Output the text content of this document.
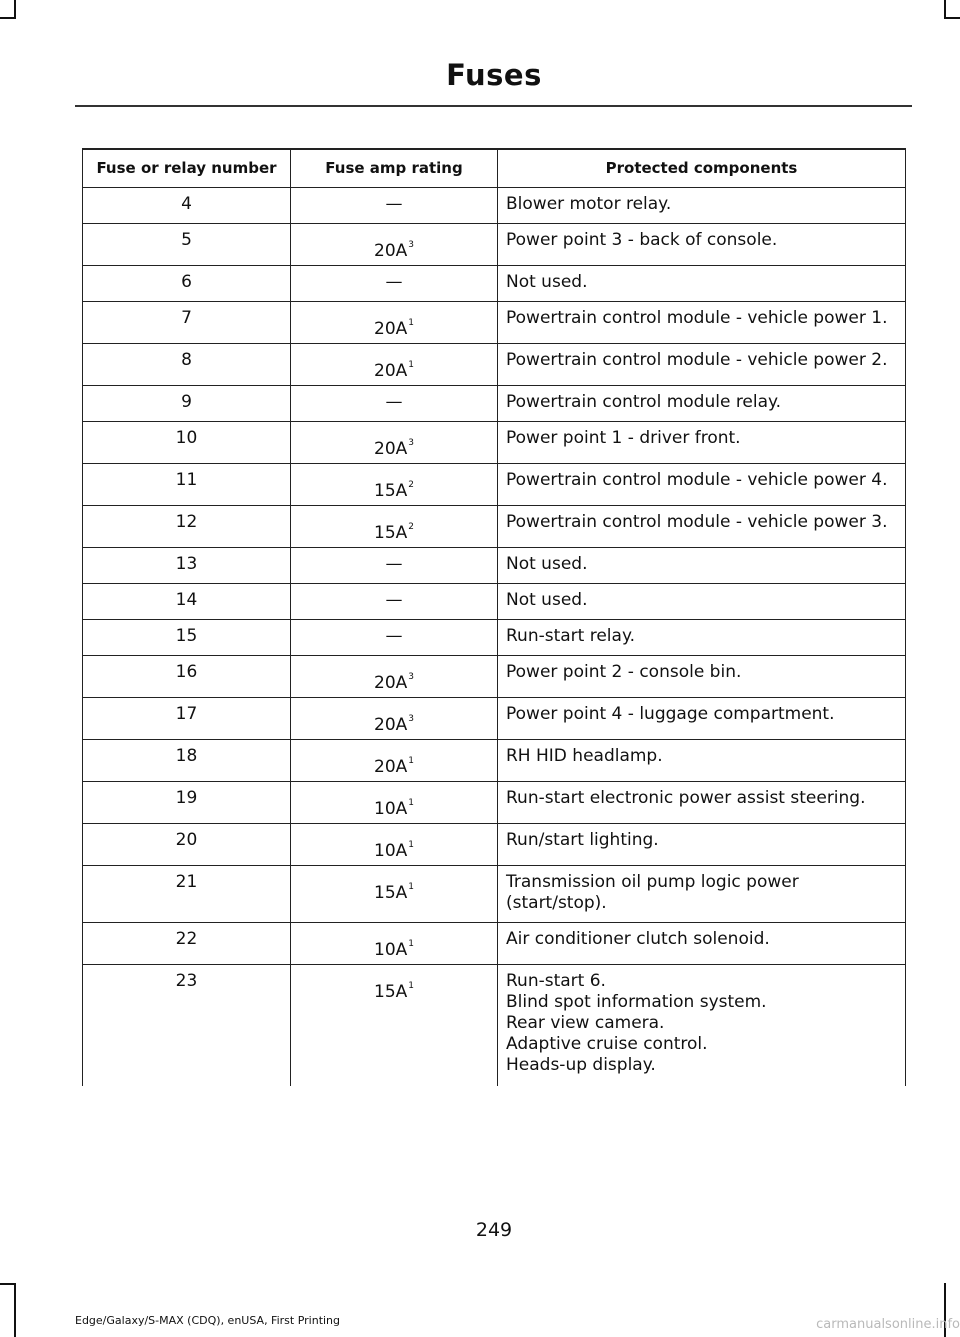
Fuses
Fuse or relay number	Fuse amp rating	Protected components
4	—	Blower motor relay.

5	20A$^3$	Power point 3 - back of console.

6	—	Not used.

7	20A$^1$	Powertrain control module - vehicle power 1.

8	20A$^1$	Powertrain control module - vehicle power 2.

9	—	Powertrain control module relay.

10	20A$^3$	Power point 1 - driver front.

11	15A$^2$	Powertrain control module - vehicle power 4.

12	15A$^2$	Powertrain control module - vehicle power 3.

13	—	Not used.

14	—	Not used.

15	—	Run-start relay.

16	20A$^3$	Power point 2 - console bin.

17	20A$^3$	Power point 4 - luggage compartment.

18	20A$^1$	RH HID headlamp.

19	10A$^1$	Run-start electronic power assist steering.

20	10A$^1$	Run/start lighting.

21	15A$^1$	Transmission oil pump logic power (start/stop).

22	10A$^1$	Air conditioner clutch solenoid.

23	15A$^1$	Run-start 6.
Blind spot information system.
Rear view camera.
Adaptive cruise control.
Heads-up display.
249
Edge/Galaxy/S-MAX (CDQ), enUSA, First Printing	carmanualsonline.info
